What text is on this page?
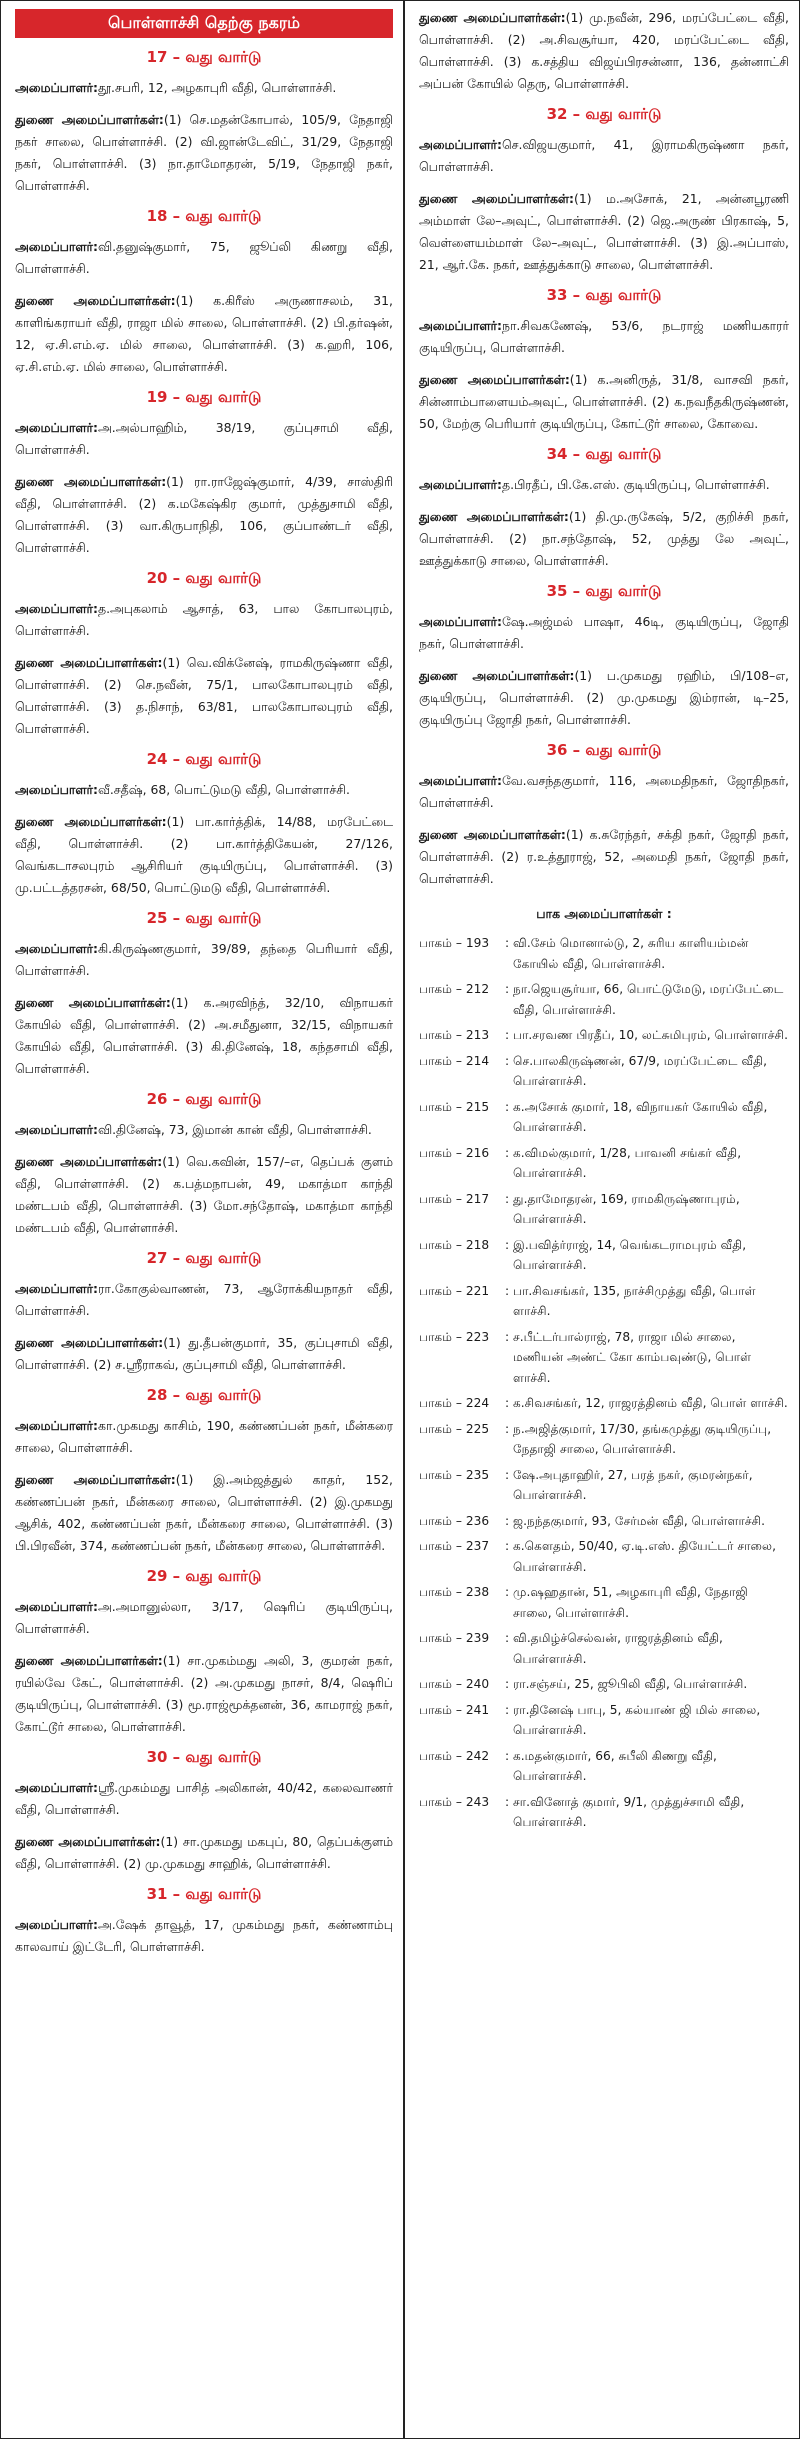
பொள்ளாச்சி தெற்கு நகரம்
17 – வது வார்டு

அமைப்பாளர்:தூ.சபரி, 12, அழகாபுரி வீதி, பொள்ளாச்சி.

துணை அமைப்பாளர்கள்:(1) செ.மதன்கோபால், 105/9, நேதாஜி நகர் சாலை, பொள்ளாச்சி. (2) வி.ஜான்டேவிட், 31/29, நேதாஜி நகர், பொள்ளாச்சி. (3) நா.தாமோதரன், 5/19, நேதாஜி நகர், பொள்ளாச்சி.

18 – வது வார்டு

அமைப்பாளர்:வி.தனுஷ்குமார், 75, ஜூப்லி கிணறு வீதி, பொள்ளாச்சி.

துணை அமைப்பாளர்கள்:(1) க.கிரீஸ் அருணாசலம், 31, காளிங்கராயர் வீதி, ராஜா மில் சாலை, பொள்ளாச்சி. (2) பி.தர்ஷன், 12, ஏ.சி.எம்.ஏ. மில் சாலை, பொள்ளாச்சி. (3) க.ஹரி, 106, ஏ.சி.எம்.ஏ. மில் சாலை, பொள்ளாச்சி.

19 – வது வார்டு

அமைப்பாளர்:அ.அல்பாஹிம், 38/19, குப்புசாமி வீதி, பொள்ளாச்சி.

துணை அமைப்பாளர்கள்:(1) ரா.ராஜேஷ்குமார், 4/39, சாஸ்திரி வீதி, பொள்ளாச்சி. (2) க.மகேஷ்கிர குமார், முத்துசாமி வீதி, பொள்ளாச்சி. (3) வா.கிருபாநிதி, 106, குப்பாண்டர் வீதி, பொள்ளாச்சி.

20 – வது வார்டு

அமைப்பாளர்:த.அபுகலாம் ஆசாத், 63, பால கோபாலபுரம், பொள்ளாச்சி.

துணை அமைப்பாளர்கள்:(1) வெ.விக்னேஷ், ராமகிருஷ்ணா வீதி, பொள்ளாச்சி. (2) செ.நவீன், 75/1, பாலகோபாலபுரம் வீதி, பொள்ளாச்சி. (3) த.நிசாந், 63/81, பாலகோபாலபுரம் வீதி, பொள்ளாச்சி.

24 – வது வார்டு

அமைப்பாளர்:வீ.சதீஷ், 68, பொட்டுமடு வீதி, பொள்ளாச்சி.

துணை அமைப்பாளர்கள்:(1) பா.கார்த்திக், 14/88, மரபேட்டை வீதி, பொள்ளாச்சி. (2) பா.கார்த்திகேயன், 27/126, வெங்கடாசலபுரம் ஆசிரியர் குடியிருப்பு, பொள்ளாச்சி. (3) மு.பட்டத்தரசன், 68/50, பொட்டுமடு வீதி, பொள்ளாச்சி.

25 – வது வார்டு

அமைப்பாளர்:கி.கிருஷ்ணகுமார், 39/89, தந்தை பெரியார் வீதி, பொள்ளாச்சி.

துணை அமைப்பாளர்கள்:(1) க.அரவிந்த், 32/10, விநாயகர் கோயில் வீதி, பொள்ளாச்சி. (2) அ.சமீதுனா, 32/15, விநாயகர் கோயில் வீதி, பொள்ளாச்சி. (3) கி.தினேஷ், 18, கந்தசாமி வீதி, பொள்ளாச்சி.

26 – வது வார்டு

அமைப்பாளர்:வி.தினேஷ், 73, இமான் கான் வீதி, பொள்ளாச்சி.

துணை அமைப்பாளர்கள்:(1) வெ.கவின், 157/–எ, தெப்பக் குளம் வீதி, பொள்ளாச்சி. (2) க.பத்மநாபன், 49, மகாத்மா காந்தி மண்டபம் வீதி, பொள்ளாச்சி. (3) மோ.சந்தோஷ், மகாத்மா காந்தி மண்டபம் வீதி, பொள்ளாச்சி.

27 – வது வார்டு

அமைப்பாளர்:ரா.கோகுல்வாணன், 73, ஆரோக்கியநாதர் வீதி, பொள்ளாச்சி.

துணை அமைப்பாளர்கள்:(1) து.தீபன்குமார், 35, குப்புசாமி வீதி, பொள்ளாச்சி. (2) ச.ஸ்ரீராகவ், குப்புசாமி வீதி, பொள்ளாச்சி.

28 – வது வார்டு

அமைப்பாளர்:கா.முகமது காசிம், 190, கண்ணப்பன் நகர், மீன்கரை சாலை, பொள்ளாச்சி.

துணை அமைப்பாளர்கள்:(1) இ.அம்ஜத்துல் காதர், 152, கண்ணப்பன் நகர், மீன்கரை சாலை, பொள்ளாச்சி. (2) இ.முகமது ஆசிக், 402, கண்ணப்பன் நகர், மீன்கரை சாலை, பொள்ளாச்சி. (3) பி.பிரவீன், 374, கண்ணப்பன் நகர், மீன்கரை சாலை, பொள்ளாச்சி.

29 – வது வார்டு

அமைப்பாளர்:அ.அமானுல்லா, 3/17, ஷெரிப் குடியிருப்பு, பொள்ளாச்சி.

துணை அமைப்பாளர்கள்:(1) சா.முகம்மது அலி, 3, குமரன் நகர், ரயில்வே கேட், பொள்ளாச்சி. (2) அ.முகமது நாசர், 8/4, ஷெரிப் குடியிருப்பு, பொள்ளாச்சி. (3) மூ.ராஜ்மூக்தனன், 36, காமராஜ் நகர், கோட்டூர் சாலை, பொள்ளாச்சி.

30 – வது வார்டு

அமைப்பாளர்:ஸ்ரீ.முகம்மது பாசித் அலிகான், 40/42, கலைவாணர் வீதி, பொள்ளாச்சி.

துணை அமைப்பாளர்கள்:(1) சா.முகமது மகபுப், 80, தெப்பக்குளம் வீதி, பொள்ளாச்சி. (2) மு.முகமது சாஹிக், பொள்ளாச்சி.

31 – வது வார்டு

அமைப்பாளர்:அ.ஷேக் தாவூத், 17, முகம்மது நகர், கண்ணாம்பு காலவாய் இட்டேரி, பொள்ளாச்சி.

துணை அமைப்பாளர்கள்:(1) மு.நவீன், 296, மரப்பேட்டை வீதி, பொள்ளாச்சி. (2) அ.சிவசூர்யா, 420, மரப்பேட்டை வீதி, பொள்ளாச்சி. (3) க.சத்திய விஜய்பிரசன்னா, 136, தன்னாட்சி அப்பன் கோயில் தெரு, பொள்ளாச்சி.

32 – வது வார்டு

அமைப்பாளர்:செ.விஜயகுமார், 41, இராமகிருஷ்ணா நகர், பொள்ளாச்சி.

துணை அமைப்பாளர்கள்:(1) ம.அசோக், 21, அன்னபூரணி அம்மாள் லே–அவுட், பொள்ளாச்சி. (2) ஜெ.அருண் பிரகாஷ், 5, வெள்ளையம்மாள் லே–அவுட், பொள்ளாச்சி. (3) இ.அப்பாஸ், 21, ஆர்.கே. நகர், ஊத்துக்காடு சாலை, பொள்ளாச்சி.

33 – வது வார்டு

அமைப்பாளர்:நா.சிவகணேஷ், 53/6, நடராஜ் மணியகாரர் குடியிருப்பு, பொள்ளாச்சி.

துணை அமைப்பாளர்கள்:(1) க.அனிருத், 31/8, வாசவி நகர், சின்னாம்பாளையம்அவுட், பொள்ளாச்சி. (2) க.நவநீதகிருஷ்ணன், 50, மேற்கு பெரியார் குடியிருப்பு, கோட்டூர் சாலை, கோவை.

34 – வது வார்டு

அமைப்பாளர்:த.பிரதீப், பி.கே.எஸ். குடியிருப்பு, பொள்ளாச்சி.

துணை அமைப்பாளர்கள்:(1) தி.மு.ருகேஷ், 5/2, குறிச்சி நகர், பொள்ளாச்சி. (2) நா.சந்தோஷ், 52, முத்து லே அவுட், ஊத்துக்காடு சாலை, பொள்ளாச்சி.

35 – வது வார்டு

அமைப்பாளர்:ஷே.அஜ்மல் பாஷா, 46டி, குடியிருப்பு, ஜோதி நகர், பொள்ளாச்சி.

துணை அமைப்பாளர்கள்:(1) ப.முகமது ரஹிம், பி/108–எ, குடியிருப்பு, பொள்ளாச்சி. (2) மு.முகமது இம்ரான், டி–25, குடியிருப்பு ஜோதி நகர், பொள்ளாச்சி.

36 – வது வார்டு

அமைப்பாளர்:வே.வசந்தகுமார், 116, அமைதிநகர், ஜோதிநகர், பொள்ளாச்சி.

துணை அமைப்பாளர்கள்:(1) க.சுரேந்தர், சக்தி நகர், ஜோதி நகர், பொள்ளாச்சி. (2) ர.உத்தூராஜ், 52, அமைதி நகர், ஜோதி நகர், பொள்ளாச்சி.

பாக அமைப்பாளர்கள் :
பாகம் – 193	: வி.சேம் மொனால்டு, 2, சுரிய காளியம்மன் கோயில் வீதி, பொள்ளாச்சி.
பாகம் – 212	: நா.ஜெயசூர்யா, 66, பொட்டுமேடு, மரப்பேட்டை வீதி, பொள்ளாச்சி.
பாகம் – 213	: பா.சரவண பிரதீப், 10, லட்சுமிபுரம், பொள்ளாச்சி.
பாகம் – 214	: செ.பாலகிருஷ்ணன், 67/9, மரப்பேட்டை வீதி, பொள்ளாச்சி.
பாகம் – 215	: க.அசோக் குமார், 18, விநாயகர் கோயில் வீதி, பொள்ளாச்சி.
பாகம் – 216	: க.விமல்குமார், 1/28, பாவனி சங்கர் வீதி, பொள்ளாச்சி.
பாகம் – 217	: து.தாமோதரன், 169, ராமகிருஷ்ணாபுரம், பொள்ளாச்சி.
பாகம் – 218	: இ.பவித்ர்ராஜ், 14, வெங்கடராமபுரம் வீதி, பொள்ளாச்சி.
பாகம் – 221	: பா.சிவசங்கர், 135, நாச்சிமுத்து வீதி, பொள் ளாச்சி.
பாகம் – 223	: ச.பீட்டர்பால்ராஜ், 78, ராஜா மில் சாலை, மணியன் அண்ட் கோ காம்பவுண்டு, பொள் ளாச்சி.
பாகம் – 224	: க.சிவசங்கர், 12, ராஜரத்தினம் வீதி, பொள் ளாச்சி.
பாகம் – 225	: ந.அஜித்குமார், 17/30, தங்கமுத்து குடியிருப்பு, நேதாஜி சாலை, பொள்ளாச்சி.
பாகம் – 235	: ஷே.அபுதாஹிர், 27, பரத் நகர், குமரன்நகர், பொள்ளாச்சி.
பாகம் – 236	: ஜ.நந்தகுமார், 93, சேர்மன் வீதி, பொள்ளாச்சி.
பாகம் – 237	: க.கௌதம், 50/40, ஏ.டி.எஸ். தியேட்டர் சாலை, பொள்ளாச்சி.
பாகம் – 238	: மு.ஷஹதான், 51, அழகாபுரி வீதி, நேதாஜி சாலை, பொள்ளாச்சி.
பாகம் – 239	: வி.தமிழ்ச்செல்வன், ராஜரத்தினம் வீதி, பொள்ளாச்சி.
பாகம் – 240	: ரா.சஞ்சய், 25, ஜூபிலி வீதி, பொள்ளாச்சி.
பாகம் – 241	: ரா.தினேஷ் பாபு, 5, கல்யாண் ஜி மில் சாலை, பொள்ளாச்சி.
பாகம் – 242	: க.மதன்குமார், 66, சுபீலி கிணறு வீதி, பொள்ளாச்சி.
பாகம் – 243	: சா.வினோத் குமார், 9/1, முத்துச்சாமி வீதி, பொள்ளாச்சி.
